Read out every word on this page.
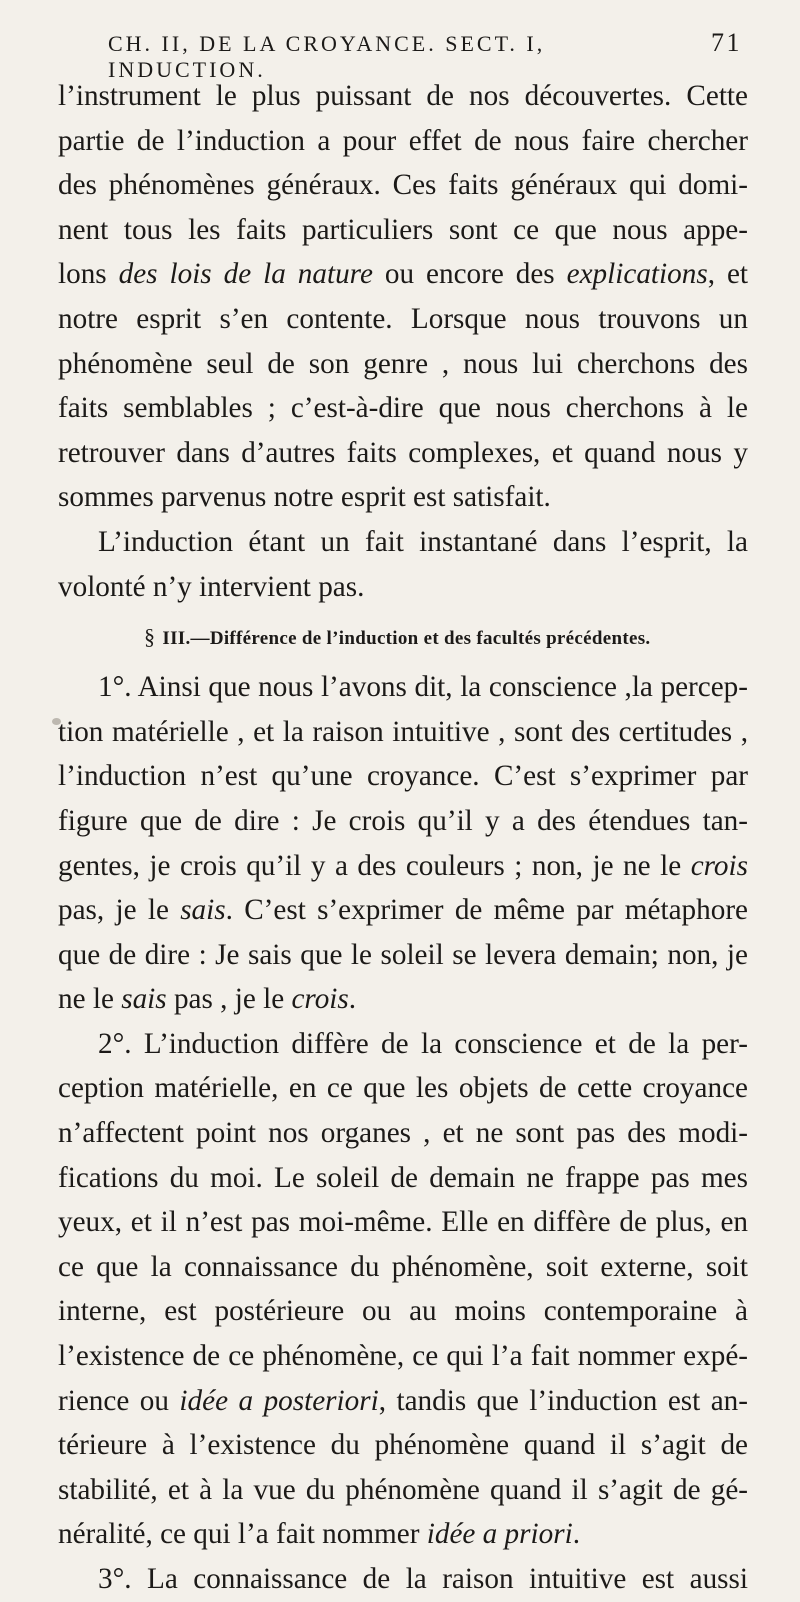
CH. II, DE LA CROYANCE. SECT. I, INDUCTION.
71
l’instrument le plus puissant de nos découvertes. Cette
partie de l’induction a pour effet de nous faire chercher
des phénomènes généraux. Ces faits généraux qui domi-
nent tous les faits particuliers sont ce que nous appe-
lons des lois de la nature ou encore des explications, et
notre esprit s’en contente. Lorsque nous trouvons un
phénomène seul de son genre , nous lui cherchons des
faits semblables ; c’est-à-dire que nous cherchons à le
retrouver dans d’autres faits complexes, et quand nous y
sommes parvenus notre esprit est satisfait.
L’induction étant un fait instantané dans l’esprit, la
volonté n’y intervient pas.
§ III.—Différence de l’induction et des facultés précédentes.
1°. Ainsi que nous l’avons dit, la conscience ,la percep-
tion matérielle , et la raison intuitive , sont des certitudes ,
l’induction n’est qu’une croyance. C’est s’exprimer par
figure que de dire : Je crois qu’il y a des étendues tan-
gentes, je crois qu’il y a des couleurs ; non, je ne le crois
pas, je le sais. C’est s’exprimer de même par métaphore
que de dire : Je sais que le soleil se levera demain; non, je
ne le sais pas , je le crois.
2°. L’induction diffère de la conscience et de la per-
ception matérielle, en ce que les objets de cette croyance
n’affectent point nos organes , et ne sont pas des modi-
fications du moi. Le soleil de demain ne frappe pas mes
yeux, et il n’est pas moi-même. Elle en diffère de plus, en
ce que la connaissance du phénomène, soit externe, soit
interne, est postérieure ou au moins contemporaine à
l’existence de ce phénomène, ce qui l’a fait nommer expé-
rience ou idée a posteriori, tandis que l’induction est an-
térieure à l’existence du phénomène quand il s’agit de
stabilité, et à la vue du phénomène quand il s’agit de gé-
néralité, ce qui l’a fait nommer idée a priori.
3°. La connaissance de la raison intuitive est aussi
